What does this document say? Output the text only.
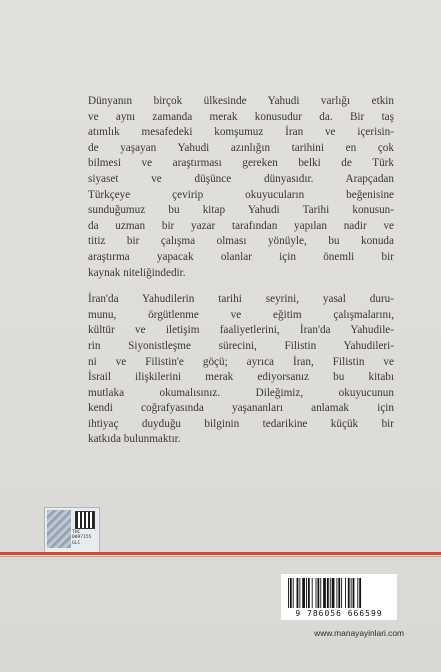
Dünyanın birçok ülkesinde Yahudi varlığı etkin
ve aynı zamanda merak konusudur da. Bir taş
atımlık mesafedeki komşumuz İran ve içerisin-
de yaşayan Yahudi azınlığın tarihini en çok
bilmesi ve araştırması gereken belki de Türk
siyaset ve düşünce dünyasıdır. Arapçadan
Türkçeye çevirip okuyucuların beğenisine
sunduğumuz bu kitap Yahudi Tarihi konusun-
da uzman bir yazar tarafından yapılan nadir ve
titiz bir çalışma olması yönüyle, bu konuda
araştırma yapacak olanlar için önemli bir
kaynak niteliğindedir.

İran'da Yahudilerin tarihi seyrini, yasal duru-
munu, örgütlenme ve eğitim çalışmalarını,
kültür ve iletişim faaliyetlerini, İran'da Yahudile-
rin Siyonistleşme sürecini, Filistin Yahudileri-
ni ve Filistin'e göçü; ayrıca İran, Filistin ve
İsrail ilişkilerini merak ediyorsanız bu kitabı
mutlaka okumalısınız. Dileğimiz, okuyucunun
kendi coğrafyasında yaşananları anlamak için
ihtiyaç duyduğu bilginin tedarikine küçük bir
katkıda bulunmaktır.

THC
0097155
GLC
9 786056 666599
www.manayayinlari.com
